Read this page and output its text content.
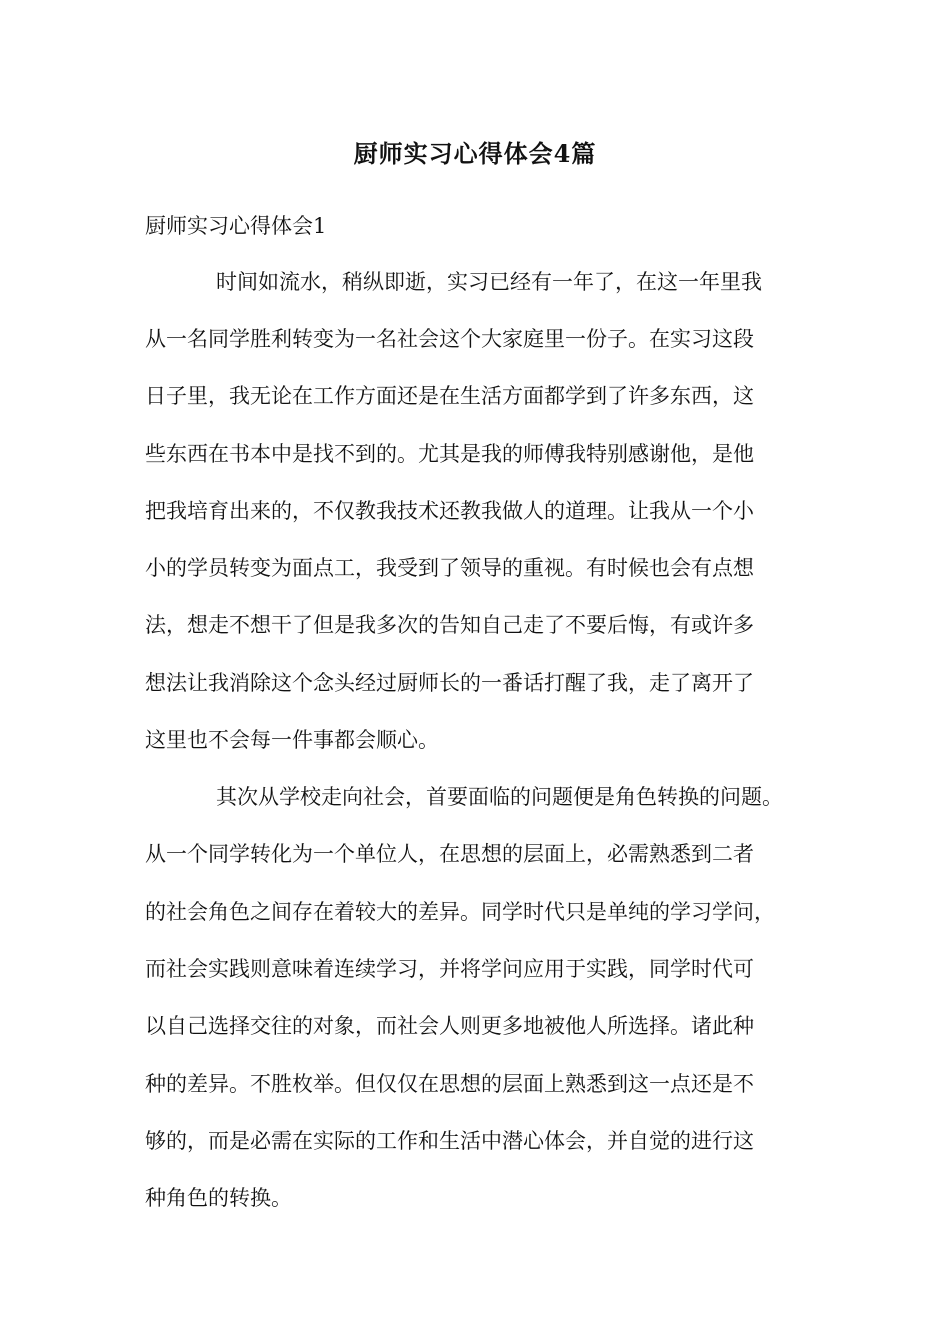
厨师实习心得体会4篇
厨师实习心得体会1
时间如流水，稍纵即逝，实习已经有一年了，在这一年里我
从一名同学胜利转变为一名社会这个大家庭里一份子。在实习这段
日子里，我无论在工作方面还是在生活方面都学到了许多东西，这
些东西在书本中是找不到的。尤其是我的师傅我特别感谢他，是他
把我培育出来的，不仅教我技术还教我做人的道理。让我从一个小
小的学员转变为面点工，我受到了领导的重视。有时候也会有点想
法，想走不想干了但是我多次的告知自己走了不要后悔，有或许多
想法让我消除这个念头经过厨师长的一番话打醒了我，走了离开了
这里也不会每一件事都会顺心。
其次从学校走向社会，首要面临的问题便是角色转换的问题。
从一个同学转化为一个单位人，在思想的层面上，必需熟悉到二者
的社会角色之间存在着较大的差异。同学时代只是单纯的学习学问，
而社会实践则意味着连续学习，并将学问应用于实践，同学时代可
以自己选择交往的对象，而社会人则更多地被他人所选择。诸此种
种的差异。不胜枚举。但仅仅在思想的层面上熟悉到这一点还是不
够的，而是必需在实际的工作和生活中潜心体会，并自觉的进行这
种角色的转换。
